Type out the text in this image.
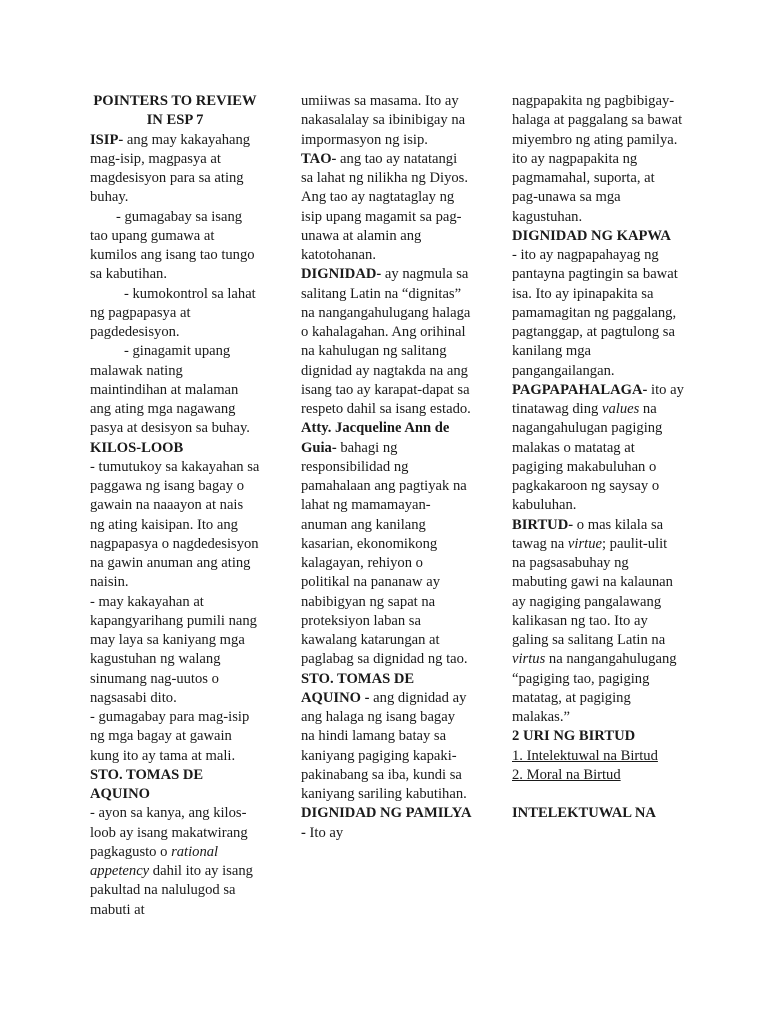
POINTERS TO REVIEW IN ESP 7

ISIP- ang may kakayahang mag-isip, magpasya at magdesisyon para sa ating buhay.

- gumagabay sa isang tao upang gumawa at kumilos ang isang tao tungo sa kabutihan.

- kumokontrol sa lahat ng pagpapasya at pagdedesisyon.

- ginagamit upang malawak nating maintindihan at malaman ang ating mga nagawang pasya at desisyon sa buhay.

KILOS-LOOB

- tumutukoy sa kakayahan sa paggawa ng isang bagay o gawain na naaayon at nais ng ating kaisipan. Ito ang nagpapasya o nagdedesisyon na gawin anuman ang ating naisin.

- may kakayahan at kapangyarihang pumili nang may laya sa kaniyang mga kagustuhan ng walang sinumang nag-uutos o nagsasabi dito.

- gumagabay para mag-isip ng mga bagay at gawain kung ito ay tama at mali.

STO. TOMAS DE AQUINO

- ayon sa kanya, ang kilos-loob ay isang makatwirang pagkagusto o rational appetency dahil ito ay isang pakultad na nalulugod sa mabuti at

umiiwas sa masama. Ito ay nakasalalay sa ibinibigay na impormasyon ng isip.

TAO- ang tao ay natatangi sa lahat ng nilikha ng Diyos. Ang tao ay nagtataglay ng isip upang magamit sa pag-unawa at alamin ang katotohanan.

DIGNIDAD- ay nagmula sa salitang Latin na “dignitas” na nangangahulugang halaga o kahalagahan. Ang orihinal na kahulugan ng salitang dignidad ay nagtakda na ang isang tao ay karapat-dapat sa respeto dahil sa isang estado.

Atty. Jacqueline Ann de Guia- bahagi ng responsibilidad ng pamahalaan ang pagtiyak na lahat ng mamamayan-anuman ang kanilang kasarian, ekonomikong kalagayan, rehiyon o politikal na pananaw ay nabibigyan ng sapat na proteksiyon laban sa kawalang katarungan at paglabag sa dignidad ng tao.

STO. TOMAS DE AQUINO - ang dignidad ay ang halaga ng isang bagay na hindi lamang batay sa kaniyang pagiging kapaki-pakinabang sa iba, kundi sa kaniyang sariling kabutihan.

DIGNIDAD NG PAMILYA - Ito ay

nagpapakita ng pagbibigay-halaga at paggalang sa bawat miyembro ng ating pamilya. ito ay nagpapakita ng pagmamahal, suporta, at pag-unawa sa mga kagustuhan.

DIGNIDAD NG KAPWA

- ito ay nagpapahayag ng pantayna pagtingin sa bawat isa. Ito ay ipinapakita sa pamamagitan ng paggalang, pagtanggap, at pagtulong sa kanilang mga pangangailangan.

PAGPAPAHALAGA- ito ay tinatawag ding values na nagangahulugan pagiging malakas o matatag at pagiging makabuluhan o pagkakaroon ng saysay o kabuluhan.

BIRTUD- o mas kilala sa tawag na virtue; paulit-ulit na pagsasabuhay ng mabuting gawi na kalaunan ay nagiging pangalawang kalikasan ng tao. Ito ay galing sa salitang Latin na virtus na nangangahulugang “pagiging tao, pagiging matatag, at pagiging malakas.”

2 URI NG BIRTUD

1. Intelektuwal na Birtud

2. Moral na Birtud

INTELEKTUWAL NA
